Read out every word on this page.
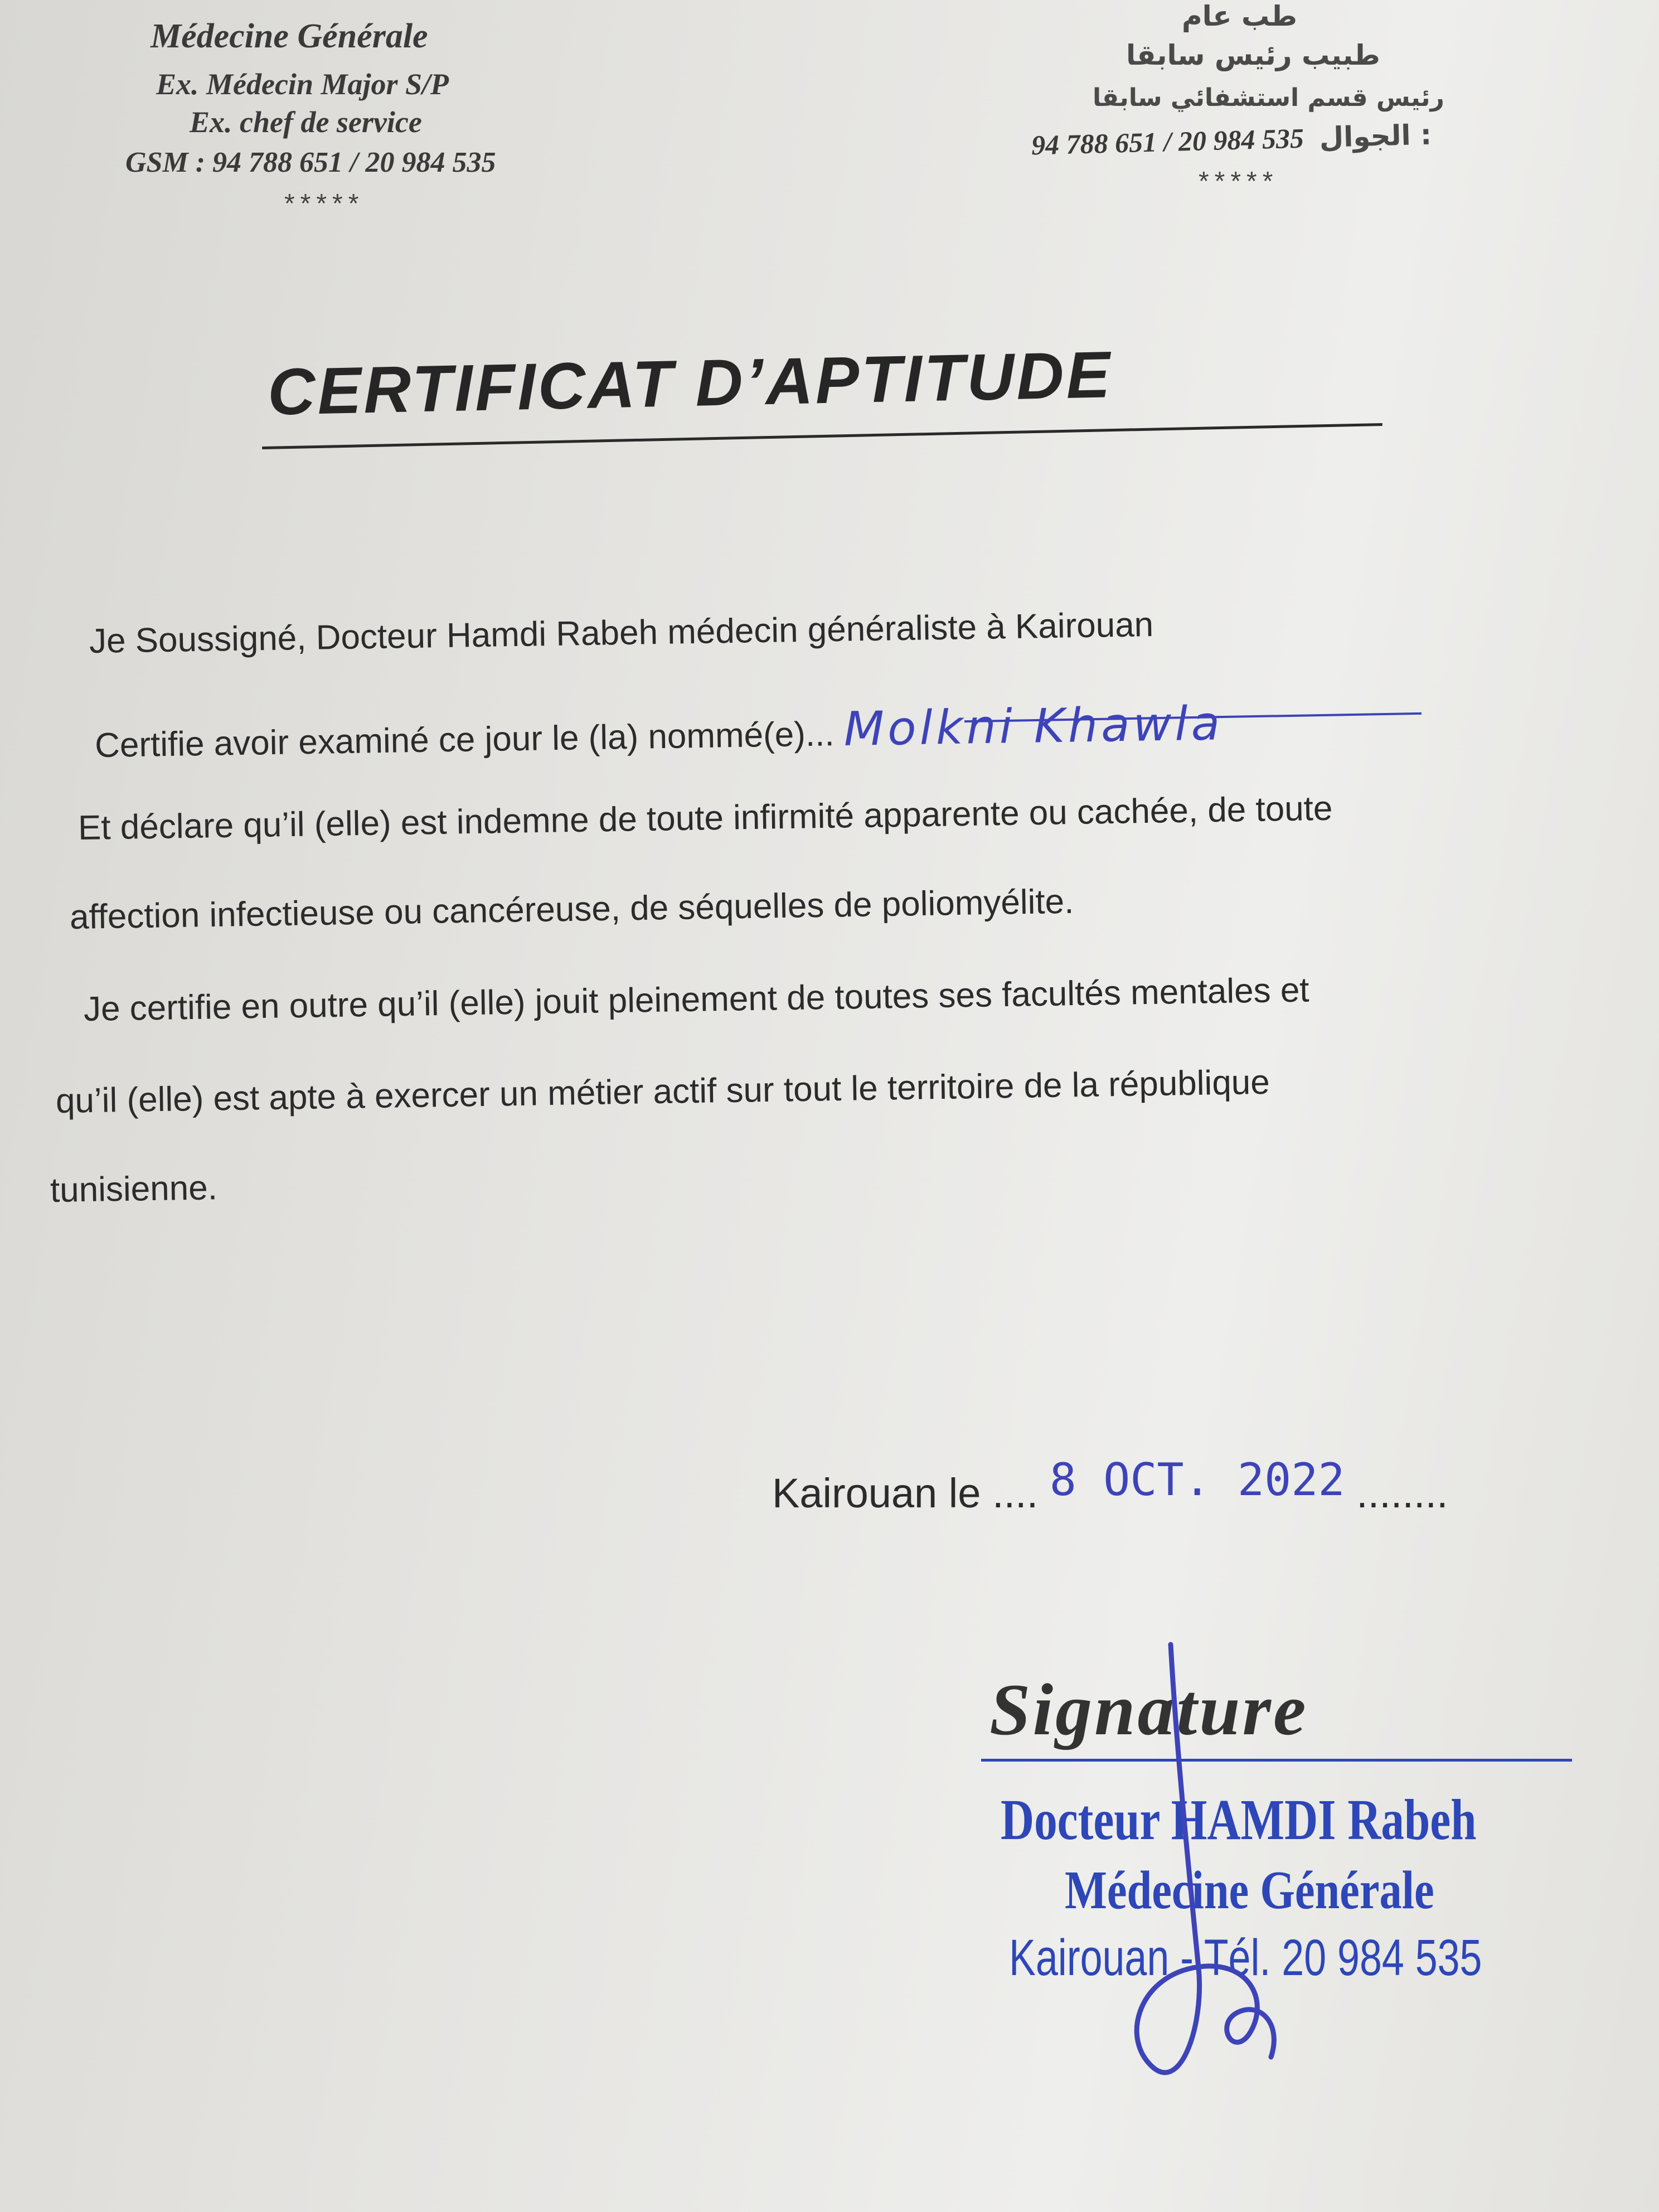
Médecine Générale
Ex. Médecin Major S/P
Ex. chef de service
GSM : 94 788 651 / 20 984 535
*****
طب عام
طبيب رئيس سابقا
رئيس قسم استشفائي سابقا
94 788 651 / 20 984 535 الجوال :
*****
CERTIFICAT D’APTITUDE
Je Soussigné, Docteur Hamdi Rabeh médecin généraliste à Kairouan
Certifie avoir examiné ce jour le (la) nommé(e)... Molkni Khawla
Et déclare qu’il (elle) est indemne de toute infirmité apparente ou cachée, de toute
affection infectieuse ou cancéreuse, de séquelles de poliomyélite.
Je certifie en outre qu’il (elle) jouit pleinement de toutes ses facultés mentales et
qu’il (elle) est apte à exercer un métier actif sur tout le territoire de la république
tunisienne.
Kairouan le .... 8 OCT. 2022 ........
Signature
Docteur HAMDI Rabeh
Médecine Générale
Kairouan - Tél. 20 984 535
